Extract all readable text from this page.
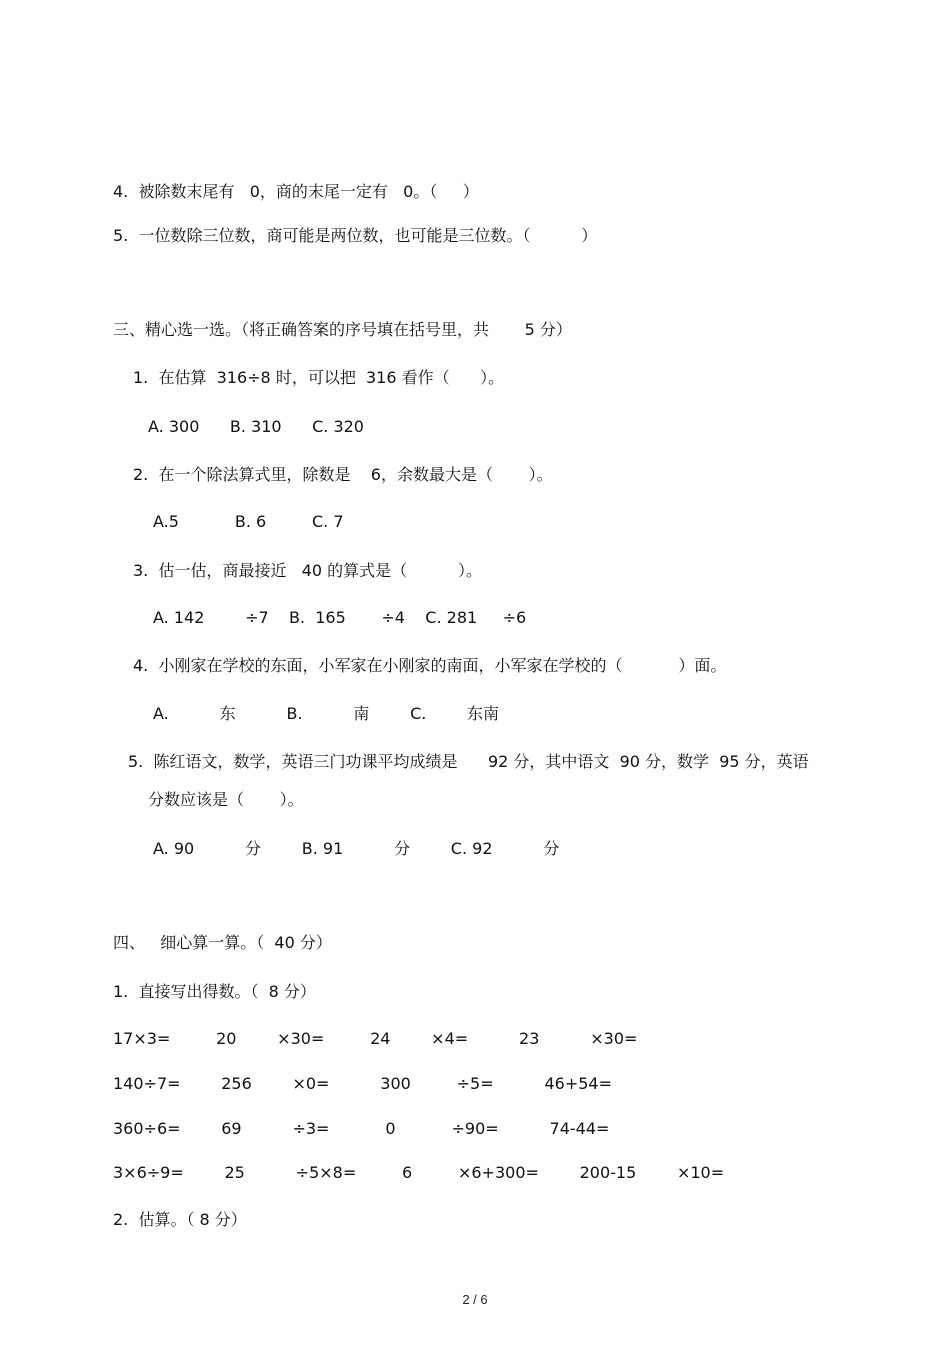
4.  被除数末尾有   0，商的末尾一定有   0。（     ）
5.  一位数除三位数，商可能是两位数，也可能是三位数。（          ）
三、精心选一选。（将正确答案的序号填在括号里，共       5 分）
1.  在估算  316÷8 时，可以把  316 看作（      ）。
A. 300      B. 310      C. 320
2.  在一个除法算式里，除数是    6，余数最大是（       ）。
A.5           B. 6         C. 7
3.  估一估，商最接近   40 的算式是（          ）。
A. 142        ÷7    B.  165       ÷4    C. 281     ÷6
4.  小刚家在学校的东面，小军家在小刚家的南面，小军家在学校的（           ）面。
A.          东          B.          南        C.        东南
5.  陈红语文，数学，英语三门功课平均成绩是      92 分，其中语文  90 分，数学  95 分，英语
分数应该是（       ）。
A. 90          分        B. 91          分        C. 92          分
四、   细心算一算。（  40 分）
1.  直接写出得数。（  8 分）
17×3=         20        ×30=         24        ×4=          23          ×30=
140÷7=        256        ×0=          300         ÷5=          46+54=
360÷6=        69          ÷3=           0           ÷90=          74-44=
3×6÷9=        25          ÷5×8=         6         ×6+300=        200-15        ×10=
2.  估算。（ 8 分）
2 / 6
